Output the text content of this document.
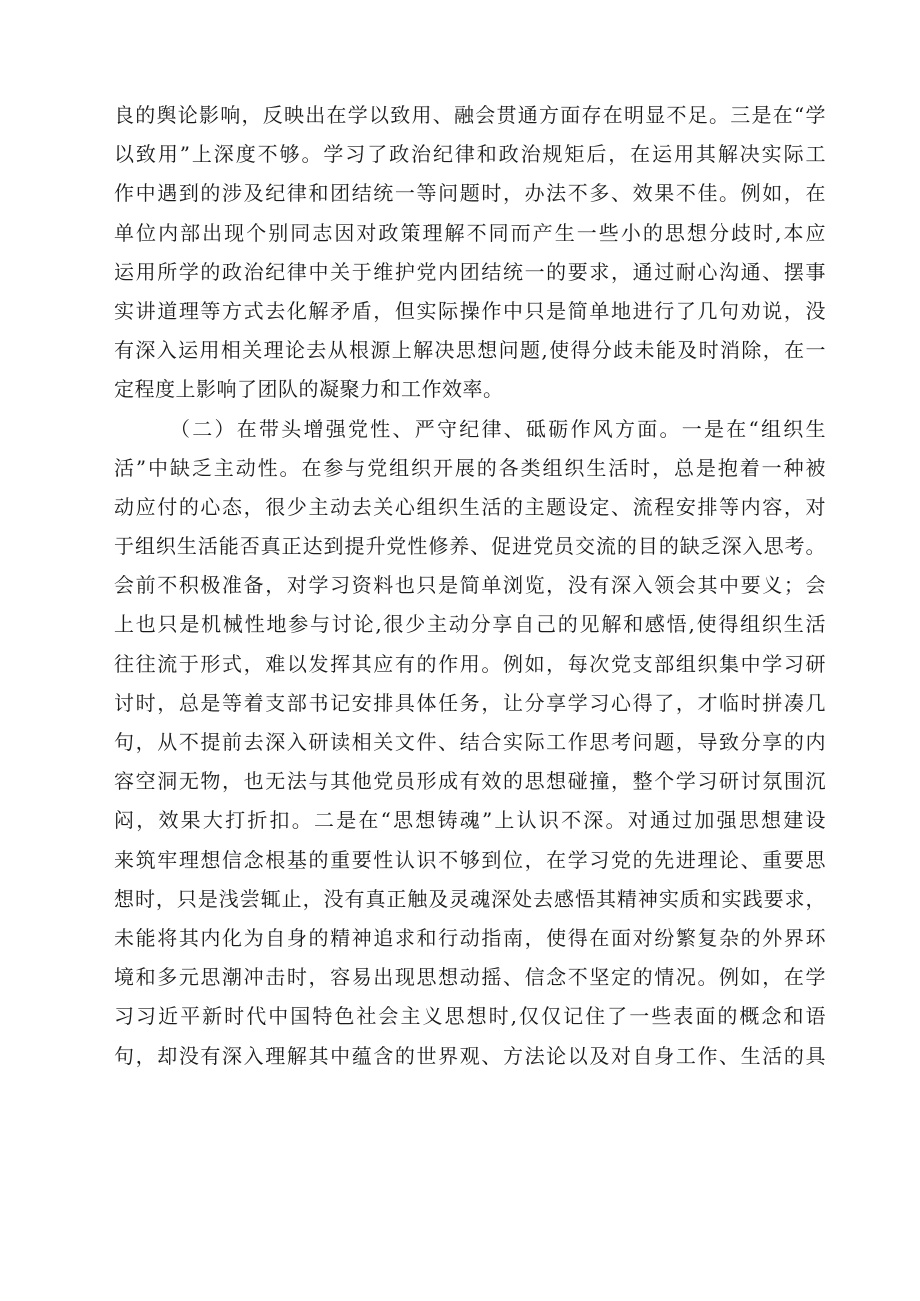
良的舆论影响，反映出在学以致用、融会贯通方面存在明显不足。三是在“学
以致用”上深度不够。学习了政治纪律和政治规矩后，在运用其解决实际工
作中遇到的涉及纪律和团结统一等问题时，办法不多、效果不佳。例如，在
单位内部出现个别同志因对政策理解不同而产生一些小的思想分歧时,本应
运用所学的政治纪律中关于维护党内团结统一的要求，通过耐心沟通、摆事
实讲道理等方式去化解矛盾，但实际操作中只是简单地进行了几句劝说，没
有深入运用相关理论去从根源上解决思想问题,使得分歧未能及时消除，在一
定程度上影响了团队的凝聚力和工作效率。
（二）在带头增强党性、严守纪律、砥砺作风方面。一是在“组织生
活”中缺乏主动性。在参与党组织开展的各类组织生活时，总是抱着一种被
动应付的心态，很少主动去关心组织生活的主题设定、流程安排等内容，对
于组织生活能否真正达到提升党性修养、促进党员交流的目的缺乏深入思考。
会前不积极准备，对学习资料也只是简单浏览，没有深入领会其中要义；会
上也只是机械性地参与讨论,很少主动分享自己的见解和感悟,使得组织生活
往往流于形式，难以发挥其应有的作用。例如，每次党支部组织集中学习研
讨时，总是等着支部书记安排具体任务，让分享学习心得了，才临时拼凑几
句，从不提前去深入研读相关文件、结合实际工作思考问题，导致分享的内
容空洞无物，也无法与其他党员形成有效的思想碰撞，整个学习研讨氛围沉
闷，效果大打折扣。二是在“思想铸魂”上认识不深。对通过加强思想建设
来筑牢理想信念根基的重要性认识不够到位，在学习党的先进理论、重要思
想时，只是浅尝辄止，没有真正触及灵魂深处去感悟其精神实质和实践要求，
未能将其内化为自身的精神追求和行动指南，使得在面对纷繁复杂的外界环
境和多元思潮冲击时，容易出现思想动摇、信念不坚定的情况。例如，在学
习习近平新时代中国特色社会主义思想时,仅仅记住了一些表面的概念和语
句，却没有深入理解其中蕴含的世界观、方法论以及对自身工作、生活的具
